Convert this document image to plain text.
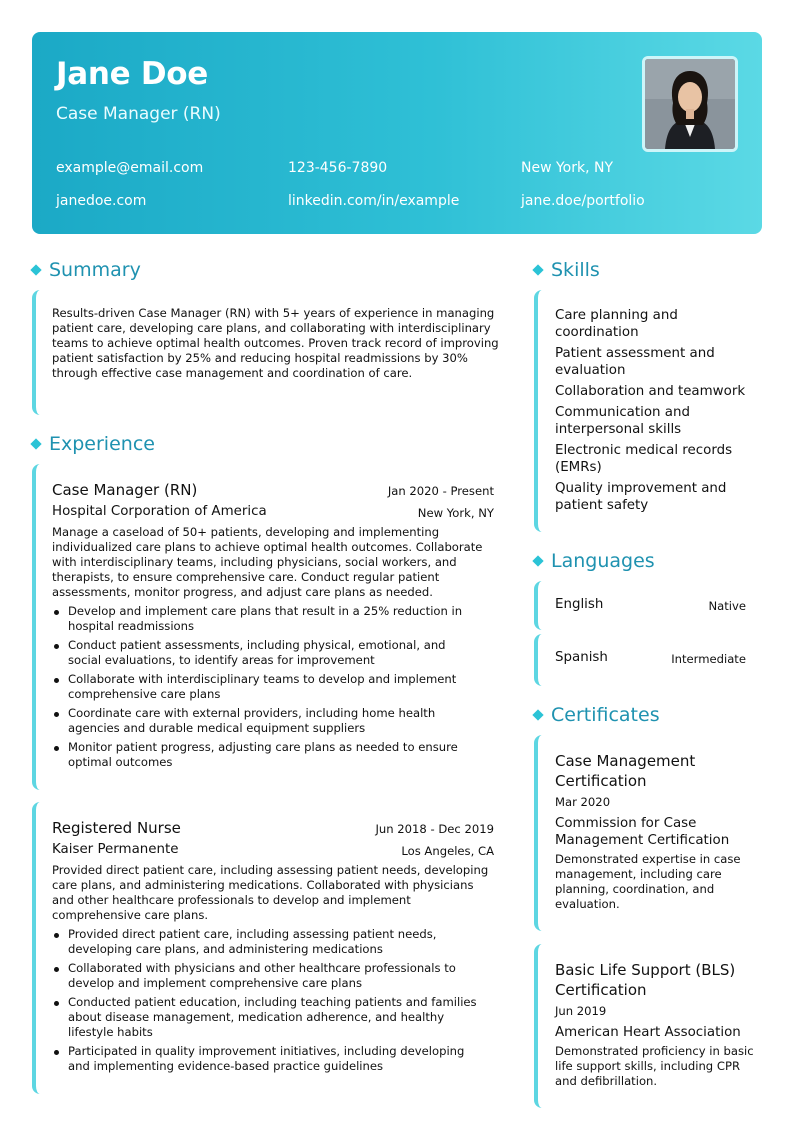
Jane Doe
Case Manager (RN)
example@email.com	123-456-7890	New York, NY
janedoe.com	linkedin.com/in/example	jane.doe/portfolio
Summary
Results-driven Case Manager (RN) with 5+ years of experience in managing patient care, developing care plans, and collaborating with interdisciplinary teams to achieve optimal health outcomes. Proven track record of improving patient satisfaction by 25% and reducing hospital readmissions by 30% through effective case management and coordination of care.
Experience
Case Manager (RN)	Jan 2020 - Present
Hospital Corporation of America	New York, NY
Manage a caseload of 50+ patients, developing and implementing individualized care plans to achieve optimal health outcomes. Collaborate with interdisciplinary teams, including physicians, social workers, and therapists, to ensure comprehensive care. Conduct regular patient assessments, monitor progress, and adjust care plans as needed.
Develop and implement care plans that result in a 25% reduction in hospital readmissions
Conduct patient assessments, including physical, emotional, and social evaluations, to identify areas for improvement
Collaborate with interdisciplinary teams to develop and implement comprehensive care plans
Coordinate care with external providers, including home health agencies and durable medical equipment suppliers
Monitor patient progress, adjusting care plans as needed to ensure optimal outcomes
Registered Nurse	Jun 2018 - Dec 2019
Kaiser Permanente	Los Angeles, CA
Provided direct patient care, including assessing patient needs, developing care plans, and administering medications. Collaborated with physicians and other healthcare professionals to develop and implement comprehensive care plans.
Provided direct patient care, including assessing patient needs, developing care plans, and administering medications
Collaborated with physicians and other healthcare professionals to develop and implement comprehensive care plans
Conducted patient education, including teaching patients and families about disease management, medication adherence, and healthy lifestyle habits
Participated in quality improvement initiatives, including developing and implementing evidence-based practice guidelines
Skills
Care planning and coordination
Patient assessment and evaluation
Collaboration and teamwork
Communication and interpersonal skills
Electronic medical records (EMRs)
Quality improvement and patient safety
Languages
English	Native
Spanish	Intermediate
Certificates
Case Management Certification
Mar 2020
Commission for Case Management Certification
Demonstrated expertise in case management, including care planning, coordination, and evaluation.
Basic Life Support (BLS) Certification
Jun 2019
American Heart Association
Demonstrated proficiency in basic life support skills, including CPR and defibrillation.
